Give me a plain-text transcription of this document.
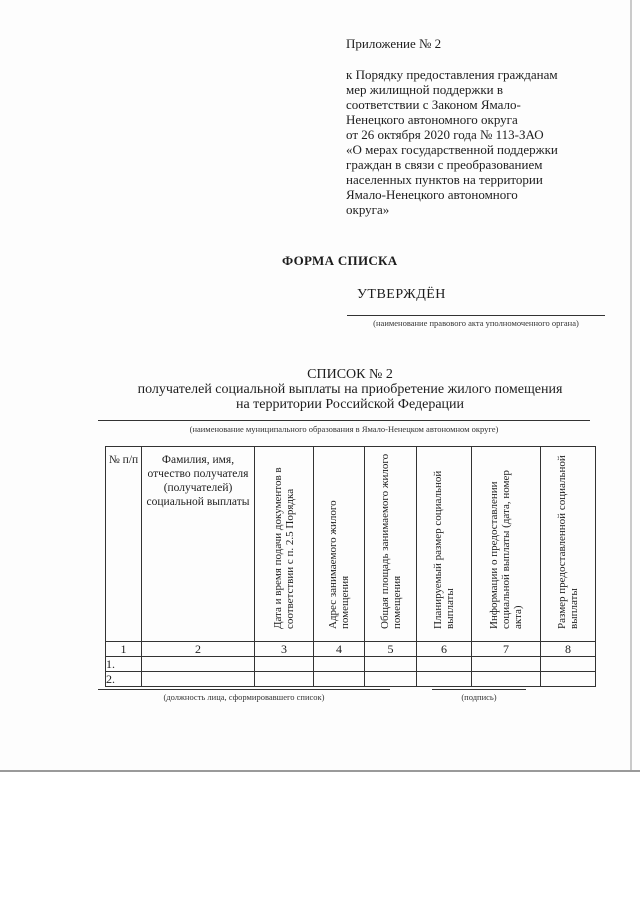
Приложение № 2
к Порядку предоставления гражданам
мер жилищной поддержки в
соответствии с Законом Ямало-
Ненецкого автономного округа
от 26 октября 2020 года № 113-ЗАО
«О мерах государственной поддержки
граждан в связи с преобразованием
населенных пунктов на территории
Ямало-Ненецкого автономного
округа»
ФОРМА СПИСКА
УТВЕРЖДЁН
(наименование правового акта уполномоченного органа)
СПИСОК № 2
получателей социальной выплаты на приобретение жилого помещения
на территории Российской Федерации
(наименование муниципального образования в Ямало-Ненецком автономном округе)
№ п/п	Фамилия, имя, отчество получателя (получателей) социальной выплаты	Дата и время подачи документов в соответствии с п. 2.5 Порядка	Адрес занимаемого жилого помещения	Общая площадь занимаемого жилого помещения	Планируемый размер социальной выплаты	Информации о предоставлении социальной выплаты (дата, номер акта)	Размер предоставленной социальной выплаты

1	2	3	4	5	6	7	8
1.							
2.							
(должность лица, сформировавшего список)	(подпись)
